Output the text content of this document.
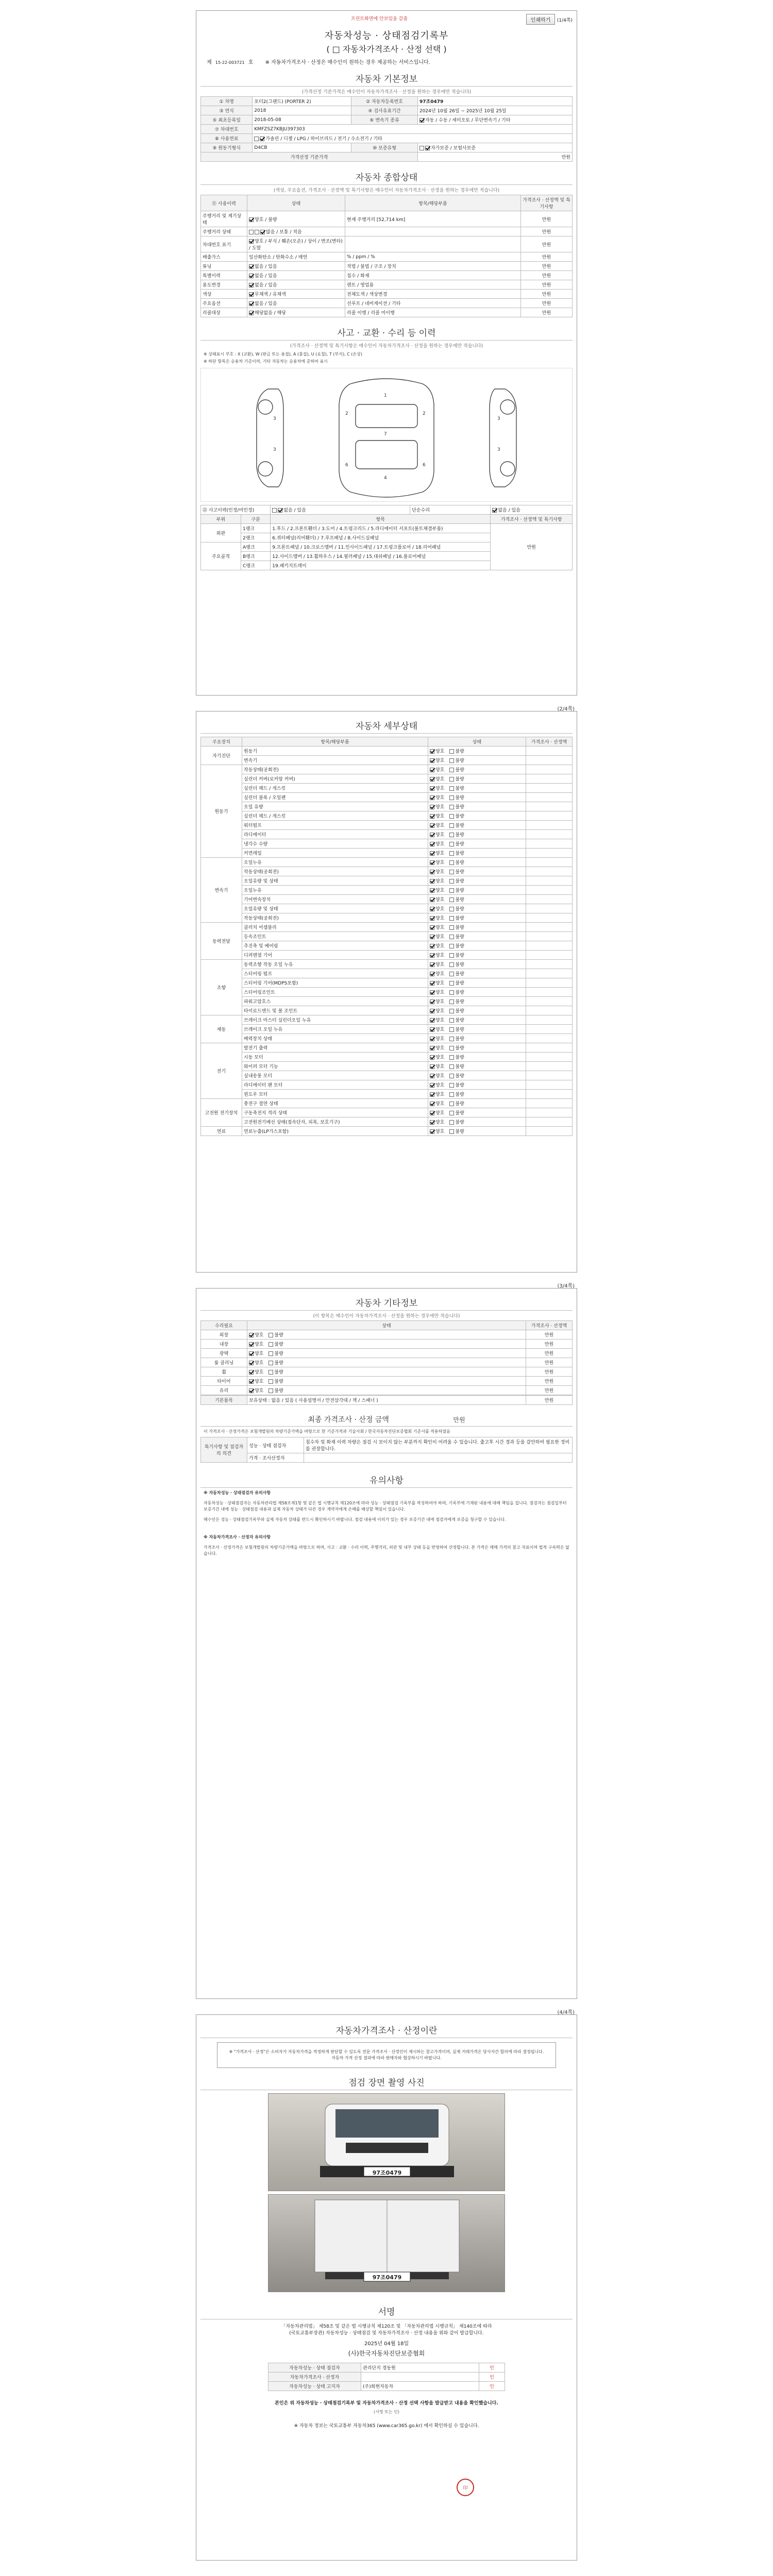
프린트화면에 안보임을 감춤	인쇄하기 (1/4쪽)
자동차성능 · 상태점검기록부
( □ 자동차가격조사 · 산정 선택 )
제 15-22-003721 호 ※ 자동차가격조사 · 산정은 매수인이 원하는 경우 제공하는 서비스입니다.
자동차 기본정보
(가격산정 기준가격은 매수인이 자동차가격조사 · 산정을 원하는 경우에만 적습니다)
① 차명	포터2(그랜드) (PORTER 2)	② 자동차등록번호	97조0479
③ 연식	2018	④ 검사유효기간	2024년 10월 26일 ~ 2025년 10월 25일
⑤ 최초등록일	2018-05-08	⑥ 변속기 종류	자동 / 수동 / 세미오토 / 무단변속기 / 기타
⑦ 차대번호	KMFZSZ7KBJU397303		
⑧ 사용연료	가솔린 / 디젤 / LPG / 하이브리드 / 전기 / 수소전기 / 기타		
⑨ 원동기형식	D4CB	⑩ 보증유형	자가보증 / 보험사보증
가격산정 기준가격			만원
자동차 종합상태
(색상, 주요옵션, 가격조사 · 산정액 및 특기사항은 매수인이 자동차가격조사 · 산정을 원하는 경우에만 적습니다)
⑪ 사용이력	상태	항목/해당부품	가격조사 · 산정액 및 특기사항
주행거리 및 계기상태	양호 / 불량	현재 주행거리 [52,714 km]	만원
주행거리 상태	많음 / 보통 / 적음		만원
차대번호 표기	양호 / 부식 / 훼손(오손) / 상이 / 변조(변타) / 도말		만원
배출가스	일산화탄소 / 탄화수소 / 매연	% / ppm / %	만원
튜닝	없음 / 있음	적법 / 불법 / 구조 / 장치	만원
특별이력	없음 / 있음	침수 / 화재	만원
용도변경	없음 / 있음	렌트 / 영업용	만원
색상	무채색 / 유채색	전체도색 / 색상변경	만원
주요옵션	없음 / 있음	선루프 / 네비게이션 / 기타	만원
리콜대상	해당없음 / 해당	리콜 이행 / 리콜 미이행	만원
사고 · 교환 · 수리 등 이력
(가격조사 · 산정액 및 특기사항은 매수인이 자동차가격조사 · 산정을 원하는 경우에만 적습니다)
※ 상태표시 부호 : X (교환), W (판금 또는 용접), A (흠집), U (요철), T (부식), C (손상)
※ 하단 항목은 승용차 기준이며, 기타 자동차는 승용차에 준하여 표시
1
7
4
3
3
3
3
2	2
6	6
⑫ 사고이력(인정/미인정)		없음 / 있음	단순수리	없음 / 있음
부위	구분	항목		가격조사 · 산정액 및 특기사항
외판	1랭크	1.후드 / 2.프론트휀더 / 3.도어 / 4.트렁크리드 / 5.라디에이터 서포트(볼트체결부품)		만원
	2랭크	6.쿼터패널(리어휀더) / 7.루프패널 / 8.사이드실패널		
주요골격	A랭크	9.프론트패널 / 10.크로스멤버 / 11.인사이드패널 / 17.트렁크플로어 / 18.리어패널		
	B랭크	12.사이드멤버 / 13.휠하우스 / 14.필러패널 / 15.대쉬패널 / 16.플로어패널		
	C랭크	19.패키지트레이		
(2/4쪽)
자동차 세부상태
주요장치	항목/해당부품	상태	가격조사 · 산정액
자기진단	원동기	양호 불량	
	변속기	양호 불량	
원동기	작동상태(공회전)	양호 불량	
	실린더 커버(로커암 커버)	양호 불량	
	실린더 헤드 / 개스킷	양호 불량	
	실린더 블록 / 오일팬	양호 불량	
	오일 유량	양호 불량	
	실린더 헤드 / 개스킷	양호 불량	
	워터펌프	양호 불량	
	라디에이터	양호 불량	
	냉각수 수량	양호 불량	
	커먼레일	양호 불량	
변속기	오일누유	양호 불량	
	작동상태(공회전)	양호 불량	
	오일유량 및 상태	양호 불량	
	오일누유	양호 불량	
	기어변속장치	양호 불량	
	오일유량 및 상태	양호 불량	
	작동상태(공회전)	양호 불량	
동력전달	클러치 어셈블리	양호 불량	
	등속조인트	양호 불량	
	추진축 및 베어링	양호 불량	
	디퍼렌셜 기어	양호 불량	
조향	동력조향 작동 오일 누유	양호 불량	
	스티어링 펌프	양호 불량	
	스티어링 기어(MDPS포함)	양호 불량	
	스티어링조인트	양호 불량	
	파워고압호스	양호 불량	
	타이로드엔드 및 볼 조인트	양호 불량	
제동	브레이크 마스터 실린더오일 누유	양호 불량	
	브레이크 오일 누유	양호 불량	
	배력장치 상태	양호 불량	
전기	발전기 출력	양호 불량	
	시동 모터	양호 불량	
	와이퍼 모터 기능	양호 불량	
	실내송풍 모터	양호 불량	
	라디에이터 팬 모터	양호 불량	
	윈도우 모터	양호 불량	
고전원 전기장치	충전구 절연 상태	양호 불량	
	구동축전지 격리 상태	양호 불량	
	고전원전기배선 상태(접속단자, 피복, 보호기구)	양호 불량	
연료	연료누출(LP가스포함)	양호 불량	
(3/4쪽)
자동차 기타정보
(이 항목은 매수인이 자동차가격조사 · 산정을 원하는 경우에만 적습니다)
수리필요	상태	가격조사 · 산정액
외장	양호 불량	만원
내장	양호 불량	만원
광택	양호 불량	만원
룸 클리닝	양호 불량	만원
휠	양호 불량	만원
타이어	양호 불량	만원
유리	양호 불량	만원
기본품목	보유상태 : 없음 / 있음 ( 사용설명서 / 안전삼각대 / 잭 / 스패너 )	만원
최종 가격조사 · 산정 금액	만원
이 가격조사 · 산정가격은 보험개발원의 차량기준가액을 바탕으로 한 기준가격과 기술사회 / 한국자동차진단보증협회 기준서를 적용하였음
특기사항 및 점검자의 의견	성능 · 상태 점검자	침수차 및 화재 이력 차량은 점검 시 보이지 않는 부분까지 확인이 어려울 수 있습니다. 출고후 시간 경과 등을 감안하여 필요한 정비를 권장합니다.
	가격 · 조사산정자	
유의사항
※ 자동차성능 · 상태점검자 유의사항
자동차성능 · 상태점검자는 자동차관리법 제58조제1항 및 같은 법 시행규칙 제120조에 따라 성능 · 상태점검 기록부를 작성하여야 하며, 기록부에 기재된 내용에 대해 책임을 집니다. 점검자는 점검일부터 보증기간 내에 성능 · 상태점검 내용과 실제 자동차 상태가 다른 경우 계약자에게 손해를 배상할 책임이 있습니다.
매수인은 성능 · 상태점검기록부와 실제 자동차 상태를 반드시 확인하시기 바랍니다. 점검 내용에 이의가 있는 경우 보증기간 내에 점검자에게 보증을 청구할 수 있습니다.
※ 자동차가격조사 · 산정자 유의사항
가격조사 · 산정가격은 보험개발원의 차량기준가액을 바탕으로 하며, 사고 · 교환 · 수리 이력, 주행거리, 외관 및 내부 상태 등을 반영하여 산정합니다. 본 가격은 매매 가격의 참고 자료이며 법적 구속력은 없습니다.
(4/4쪽)
자동차가격조사 · 산정이란
※ "가격조사 · 산정"은 소비자가 자동차가격을 적정하게 판단할 수 있도록 전문 가격조사 · 산정인이 제시하는 참고가격이며, 실제 거래가격은 당사자간 합의에 따라 결정됩니다. 자동차 가격 산정 결과에 따라 판매자와 협상하시기 바랍니다.
점검 장면 촬영 사진
97조0479
97조0479
서명
「자동차관리법」 제58조 및 같은 법 시행규칙 제120조 및 「자동차관리법 시행규칙」 제140조에 따라
(국토교통부장관) 자동차성능 · 상태점검 및 자동차가격조사 · 산정 내용을 위와 같이 발급합니다.
2025년 04월 18일
(사)한국자동차진단보증협회
자동차성능 · 상태 점검자	관리단지 경동원	인
자동차가격조사 · 산정자		인
자동차성능 · 상태 고지자	(주)회현자동차	인
본인은 위 자동차성능 · 상태점검기록부 및 자동차가격조사 · 산정 선택 사항을 발급받고 내용을 확인했습니다.
(서명 또는 인)
※ 자동차 정보는 국토교통부 자동차365 (www.car365.go.kr) 에서 확인하실 수 있습니다.
印
